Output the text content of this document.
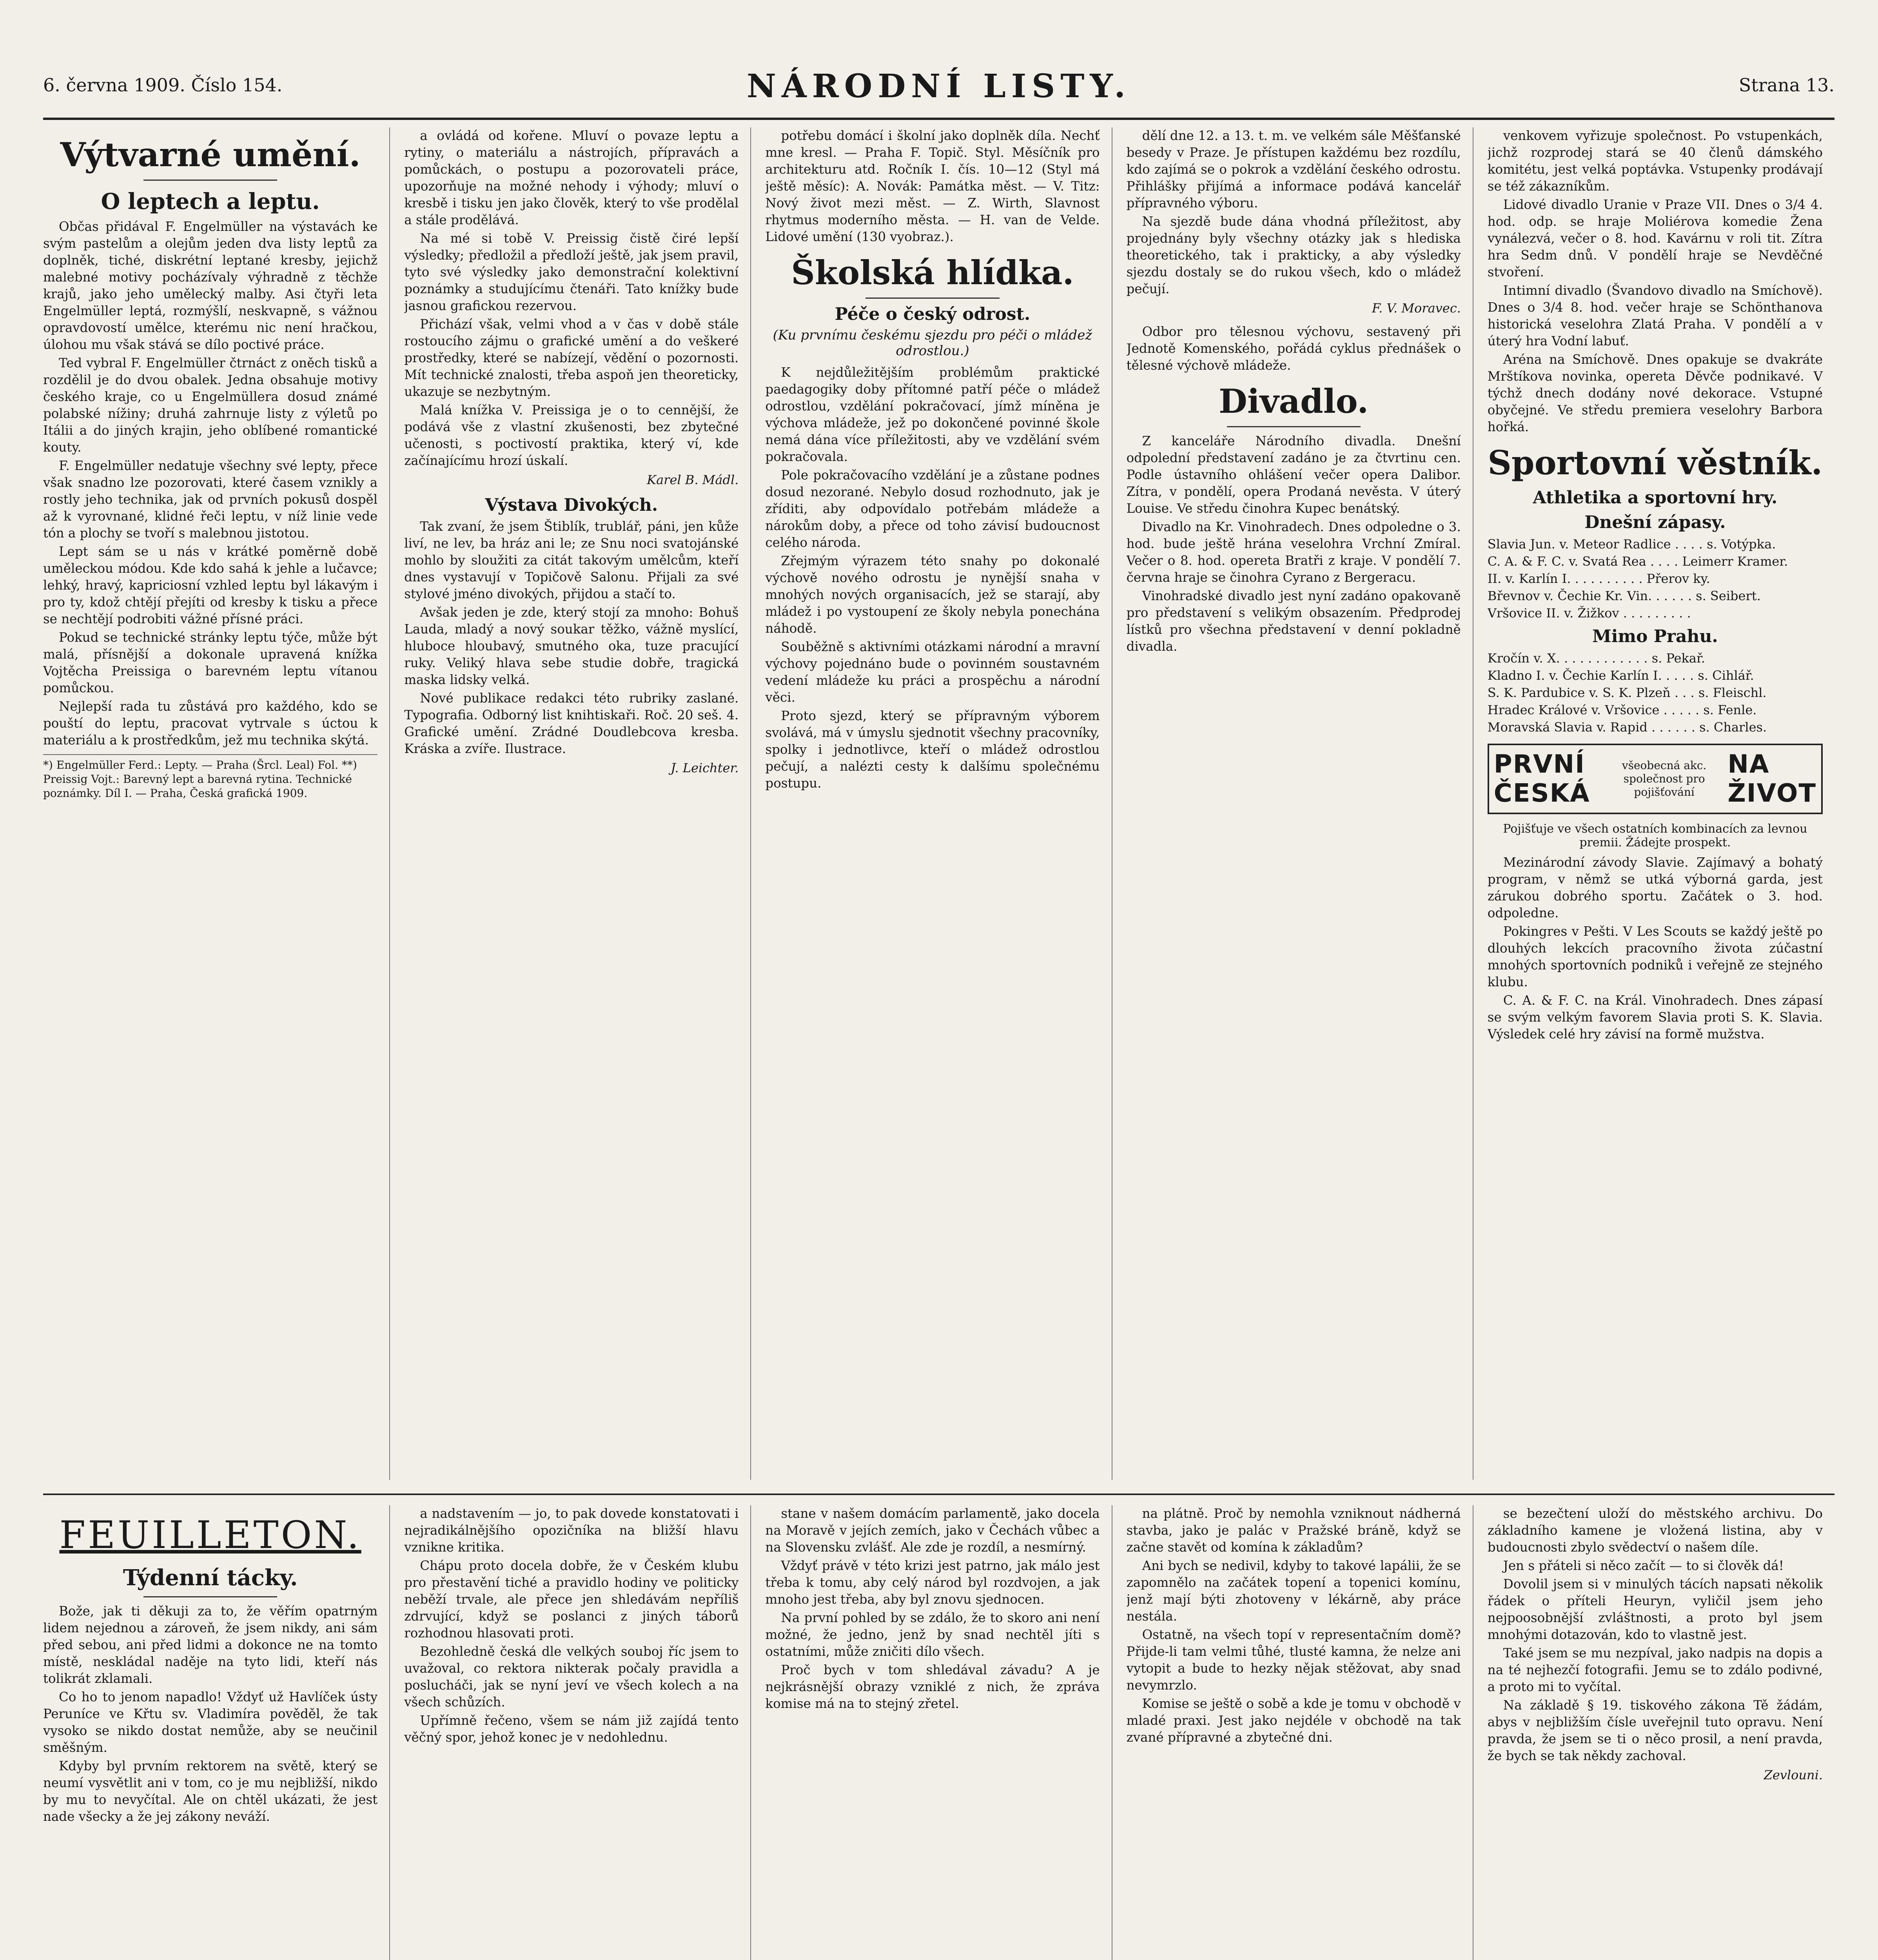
6. června 1909. Číslo 154.	NÁRODNÍ LISTY.	Strana 13.
Výtvarné umění.
O leptech a leptu.

Občas přidával F. Engelmüller na výstavách ke svým pastelům a olejům jeden dva listy leptů za doplněk, tiché, diskrétní leptané kresby, jejichž malebné motivy pocházívaly výhradně z těchže krajů, jako jeho umělecký malby. Asi čtyři leta Engelmüller leptá, rozmýšlí, neskvapně, s vážnou opravdovostí umělce, kterému nic není hračkou, úlohou mu však stává se dílo poctivé práce.

Ted vybral F. Engelmüller čtrnáct z oněch tisků a rozdělil je do dvou obalek. Jedna obsahuje motivy českého kraje, co u Engelmüllera dosud známé polabské nížiny; druhá zahrnuje listy z výletů po Itálii a do jiných krajin, jeho oblíbené romantické kouty.

F. Engelmüller nedatuje všechny své lepty, přece však snadno lze pozorovati, které časem vznikly a rostly jeho technika, jak od prvních pokusů dospěl až k vyrovnané, klidné řeči leptu, v níž linie vede tón a plochy se tvoří s malebnou jistotou.

Lept sám se u nás v krátké poměrně době uměleckou módou. Kde kdo sahá k jehle a lučavce; lehký, hravý, kapriciosní vzhled leptu byl lákavým i pro ty, kdož chtějí přejíti od kresby k tisku a přece se nechtějí podrobiti vážné přísné práci.

Pokud se technické stránky leptu týče, může být malá, přísnější a dokonale upravená knížka Vojtěcha Preissiga o barevném leptu vítanou pomůckou.

Nejlepší rada tu zůstává pro každého, kdo se pouští do leptu, pracovat vytrvale s úctou k materiálu a k prostředkům, jež mu technika skýtá.

*) Engelmüller Ferd.: Lepty. — Praha (Šrcl. Leal) Fol. **) Preissig Vojt.: Barevný lept a barevná rytina. Technické poznámky. Díl I. — Praha, Česká grafická 1909.

a ovládá od kořene. Mluví o povaze leptu a rytiny, o materiálu a nástrojích, přípravách a pomůckách, o postupu a pozorovateli práce, upozorňuje na možné nehody i výhody; mluví o kresbě i tisku jen jako člověk, který to vše prodělal a stále prodělává.

Na mé si tobě V. Preissig čistě čiré lepší výsledky; předložil a předloží ještě, jak jsem pravil, tyto své výsledky jako demonstrační kolektivní poznámky a studujícímu čtenáři. Tato knížky bude jasnou grafickou rezervou.

Přichází však, velmi vhod a v čas v době stále rostoucího zájmu o grafické umění a do veškeré prostředky, které se nabízejí, vědění o pozornosti. Mít technické znalosti, třeba aspoň jen theoreticky, ukazuje se nezbytným.

Malá knížka V. Preissiga je o to cennější, že podává vše z vlastní zkušenosti, bez zbytečné učenosti, s poctivostí praktika, který ví, kde začínajícímu hrozí úskalí.

Karel B. Mádl.
Výstava Divokých.

Tak zvaní, že jsem Štiblík, trublář, páni, jen kůže liví, ne lev, ba hráz ani le; ze Snu noci svatojánské mohlo by sloužiti za citát takovým umělcům, kteří dnes vystavují v Topičově Salonu. Přijali za své stylové jméno divokých, přijdou a stačí to.

Avšak jeden je zde, který stojí za mnoho: Bohuš Lauda, mladý a nový soukar těžko, vážně myslící, hluboce hloubavý, smutného oka, tuze pracující ruky. Veliký hlava sebe studie dobře, tragická maska lidsky velká.

Nové publikace redakci této rubriky zaslané. Typografia. Odborný list knihtiskaři. Roč. 20 seš. 4. Grafické umění. Zrádné Doudlebcova kresba. Kráska a zvíře. Ilustrace.

J. Leichter.

potřebu domácí i školní jako doplněk díla. Nechť mne kresl. — Praha F. Topič. Styl. Měsíčník pro architekturu atd. Ročník I. čís. 10—12 (Styl má ještě měsíc): A. Novák: Památka měst. — V. Titz: Nový život mezi měst. — Z. Wirth, Slavnost rhytmus moderního města. — H. van de Velde. Lidové umění (130 vyobraz.).

Školská hlídka.
Péče o český odrost.
(Ku prvnímu českému sjezdu pro péči o mládež odrostlou.)

K nejdůležitějším problémům praktické paedagogiky doby přítomné patří péče o mládež odrostlou, vzdělání pokračovací, jímž míněna je výchova mládeže, jež po dokončené povinné škole nemá dána více příležitosti, aby ve vzdělání svém pokračovala.

Pole pokračovacího vzdělání je a zůstane podnes dosud nezorané. Nebylo dosud rozhodnuto, jak je zříditi, aby odpovídalo potřebám mládeže a nárokům doby, a přece od toho závisí budoucnost celého národa.

Zřejmým výrazem této snahy po dokonalé výchově nového odrostu je nynější snaha v mnohých nových organisacích, jež se starají, aby mládež i po vystoupení ze školy nebyla ponechána náhodě.

Souběžně s aktivními otázkami národní a mravní výchovy pojednáno bude o povinném soustavném vedení mládeže ku práci a prospěchu a národní věci.

Proto sjezd, který se přípravným výborem svolává, má v úmyslu sjednotit všechny pracovníky, spolky i jednotlivce, kteří o mládež odrostlou pečují, a nalézti cesty k dalšímu společnému postupu.

dělí dne 12. a 13. t. m. ve velkém sále Měšťanské besedy v Praze. Je přístupen každému bez rozdílu, kdo zajímá se o pokrok a vzdělání českého odrostu. Přihlášky přijímá a informace podává kancelář přípravného výboru.

Na sjezdě bude dána vhodná příležitost, aby projednány byly všechny otázky jak s hlediska theoretického, tak i prakticky, a aby výsledky sjezdu dostaly se do rukou všech, kdo o mládež pečují.

F. V. Moravec.

Odbor pro tělesnou výchovu, sestavený při Jednotě Komenského, pořádá cyklus přednášek o tělesné výchově mládeže.

Divadlo.

Z kanceláře Národního divadla. Dnešní odpolední představení zadáno je za čtvrtinu cen. Podle ústavního ohlášení večer opera Dalibor. Zítra, v pondělí, opera Prodaná nevěsta. V úterý Louise. Ve středu činohra Kupec benátský.

Divadlo na Kr. Vinohradech. Dnes odpoledne o 3. hod. bude ještě hrána veselohra Vrchní Zmíral. Večer o 8. hod. opereta Bratři z kraje. V pondělí 7. června hraje se činohra Cyrano z Bergeracu.

Vinohradské divadlo jest nyní zadáno opakovaně pro představení s velikým obsazením. Předprodej lístků pro všechna představení v denní pokladně divadla.

venkovem vyřizuje společnost. Po vstupenkách, jichž rozprodej stará se 40 členů dámského komitétu, jest velká poptávka. Vstupenky prodávají se též zákazníkům.

Lidové divadlo Uranie v Praze VII. Dnes o 3/4 4. hod. odp. se hraje Moliérova komedie Žena vynálezvá, večer o 8. hod. Kavárnu v roli tit. Zítra hra Sedm dnů. V pondělí hraje se Nevděčné stvoření.

Intimní divadlo (Švandovo divadlo na Smíchově). Dnes o 3/4 8. hod. večer hraje se Schönthanova historická veselohra Zlatá Praha. V pondělí a v úterý hra Vodní labuť.

Aréna na Smíchově. Dnes opakuje se dvakráte Mrštíkova novinka, opereta Děvče podnikavé. V týchž dnech dodány nové dekorace. Vstupné obyčejné. Ve středu premiera veselohry Barbora hořká.

Sportovní věstník.
Athletika a sportovní hry.
Dnešní zápasy.
Slavia Jun. v. Meteor Radlice . . . . s. Votýpka.
C. A. & F. C. v. Svatá Rea . . . . Leimerr Kramer.
II. v. Karlín I. . . . . . . . . . Přerov ky.
Břevnov v. Čechie Kr. Vin. . . . . . s. Seibert.
Vršovice II. v. Žižkov . . . . . . . . .
Mimo Prahu.
Kročín v. X. . . . . . . . . . . . s. Pekař.
Kladno I. v. Čechie Karlín I. . . . . s. Cihlář.
S. K. Pardubice v. S. K. Plzeň . . . s. Fleischl.
Hradec Králové v. Vršovice . . . . . s. Fenle.
Moravská Slavia v. Rapid . . . . . . s. Charles.
PRVNÍ ČESKÁ
všeobecná akc. společnost pro pojišťování
NA ŽIVOT
Pojišťuje ve všech ostatních kombinacích za levnou premii. Žádejte prospekt.

Mezinárodní závody Slavie. Zajímavý a bohatý program, v němž se utká výborná garda, jest zárukou dobrého sportu. Začátek o 3. hod. odpoledne.

Pokingres v Pešti. V Les Scouts se každý ještě po dlouhých lekcích pracovního života zúčastní mnohých sportovních podniků i veřejně ze stejného klubu.

C. A. & F. C. na Král. Vinohradech. Dnes zápasí se svým velkým favorem Slavia proti S. K. Slavia. Výsledek celé hry závisí na formě mužstva.

FEUILLETON.
Týdenní tácky.

Bože, jak ti děkuji za to, že věřím opatrným lidem nejednou a zároveň, že jsem nikdy, ani sám před sebou, ani před lidmi a dokonce ne na tomto místě, neskládal naděje na tyto lidi, kteří nás tolikrát zklamali.

Co ho to jenom napadlo! Vždyť už Havlíček ústy Peruníce ve Křtu sv. Vladimíra pověděl, že tak vysoko se nikdo dostat nemůže, aby se neučinil směšným.

Kdyby byl prvním rektorem na světě, který se neumí vysvětlit ani v tom, co je mu nejbližší, nikdo by mu to nevyčítal. Ale on chtěl ukázati, že jest nade všecky a že jej zákony neváží.

a nadstavením — jo, to pak dovede konstatovati i nejradikálnějšího opozičníka na bližší hlavu vznikne kritika.

Chápu proto docela dobře, že v Českém klubu pro přestavění tiché a pravidlo hodiny ve politicky neběží trvale, ale přece jen shledávám nepříliš zdrvující, když se poslanci z jiných táborů rozhodnou hlasovati proti.

Bezohledně česká dle velkých souboj říc jsem to uvažoval, co rektora nikterak počaly pravidla a poslucháči, jak se nyní jeví ve všech kolech a na všech schůzích.

Upřímně řečeno, všem se nám již zajídá tento věčný spor, jehož konec je v nedohlednu.

stane v našem domácím parlamentě, jako docela na Moravě v jejích zemích, jako v Čechách vůbec a na Slovensku zvlášť. Ale zde je rozdíl, a nesmírný.

Vždyť právě v této krizi jest patrno, jak málo jest třeba k tomu, aby celý národ byl rozdvojen, a jak mnoho jest třeba, aby byl znovu sjednocen.

Na první pohled by se zdálo, že to skoro ani není možné, že jedno, jenž by snad nechtěl jíti s ostatními, může zničiti dílo všech.

Proč bych v tom shledával závadu? A je nejkrásnější obrazy vzniklé z nich, že zpráva komise má na to stejný zřetel.

na plátně. Proč by nemohla vzniknout nádherná stavba, jako je palác v Pražské bráně, když se začne stavět od komína k základům?

Ani bych se nedivil, kdyby to takové lapálii, že se zapomnělo na začátek topení a topenici komínu, jenž mají býti zhotoveny v lékárně, aby práce nestála.

Ostatně, na všech topí v representačním domě? Přijde-li tam velmi tůhé, tlusté kamna, že nelze ani vytopit a bude to hezky nějak stěžovat, aby snad nevymrzlo.

Komise se ještě o sobě a kde je tomu v obchodě v mladé praxi. Jest jako nejdéle v obchodě na tak zvané přípravné a zbytečné dni.

se bezečtení uloží do městského archivu. Do základního kamene je vložená listina, aby v budoucnosti zbylo svědectví o našem díle.

Jen s přáteli si něco začít — to si člověk dá!

Dovolil jsem si v minulých tácích napsati několik řádek o příteli Heuryn, vyličil jsem jeho nejpoosobnější zvláštnosti, a proto byl jsem mnohými dotazován, kdo to vlastně jest.

Také jsem se mu nezpíval, jako nadpis na dopis a na té nejhezčí fotografii. Jemu se to zdálo podivné, a proto mi to vyčítal.

Na základě § 19. tiskového zákona Tě žádám, abys v nejbližším čísle uveřejnil tuto opravu. Není pravda, že jsem se ti o něco prosil, a není pravda, že bych se tak někdy zachoval.

Zevlouni.
